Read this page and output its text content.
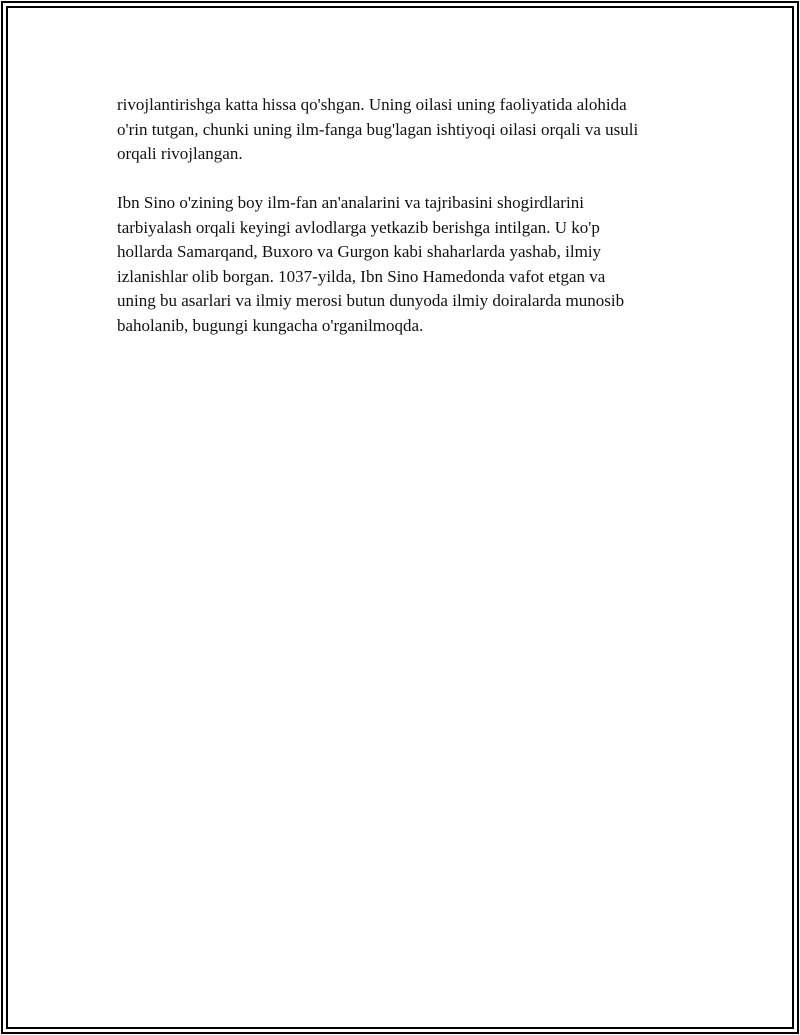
rivojlantirishga katta hissa qo'shgan. Uning oilasi uning faoliyatida alohida
o'rin tutgan, chunki uning ilm-fanga bug'lagan ishtiyoqi oilasi orqali va usuli
orqali rivojlangan.

Ibn Sino o'zining boy ilm-fan an'analarini va tajribasini shogirdlarini
tarbiyalash orqali keyingi avlodlarga yetkazib berishga intilgan. U ko'p
hollarda Samarqand, Buxoro va Gurgon kabi shaharlarda yashab, ilmiy
izlanishlar olib borgan. 1037-yilda, Ibn Sino Hamedonda vafot etgan va
uning bu asarlari va ilmiy merosi butun dunyoda ilmiy doiralarda munosib
baholanib, bugungi kungacha o'rganilmoqda.
